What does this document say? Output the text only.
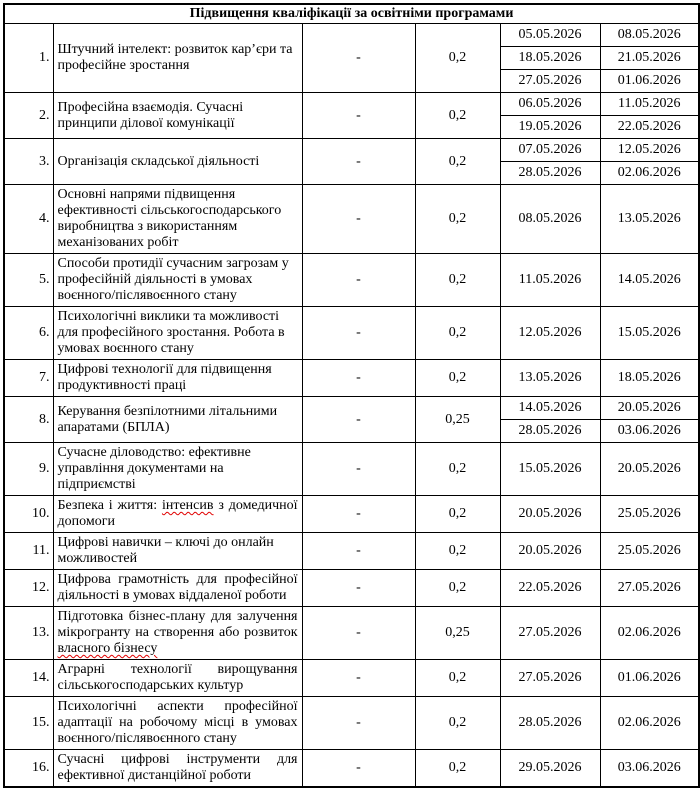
Підвищення кваліфікації за освітніми програмами					
1.	Штучний інтелект: розвиток кар’єри та професійне зростання	-	0,2	05.05.2026	08.05.2026
				18.05.2026	21.05.2026
				27.05.2026	01.06.2026
2.	Професійна взаємодія. Сучасні принципи ділової комунікації	-	0,2	06.05.2026	11.05.2026
				19.05.2026	22.05.2026
3.	Організація складської діяльності	-	0,2	07.05.2026	12.05.2026
				28.05.2026	02.06.2026
4.	Основні напрями підвищення ефективності сільськогосподарського виробництва з використанням механізованих робіт	-	0,2	08.05.2026	13.05.2026
5.	Способи протидії сучасним загрозам у професійній діяльності в умовах воєнного/післявоєнного стану	-	0,2	11.05.2026	14.05.2026
6.	Психологічні виклики та можливості для професійного зростання. Робота в умовах воєнного стану	-	0,2	12.05.2026	15.05.2026
7.	Цифрові технології для підвищення продуктивності праці	-	0,2	13.05.2026	18.05.2026
8.	Керування безпілотними літальними апаратами (БПЛА)	-	0,25	14.05.2026	20.05.2026
				28.05.2026	03.06.2026
9.	Сучасне діловодство: ефективне управління документами на підприємстві	-	0,2	15.05.2026	20.05.2026
10.	Безпека і життя: інтенсив з домедичної допомоги	-	0,2	20.05.2026	25.05.2026
11.	Цифрові навички – ключі до онлайн можливостей	-	0,2	20.05.2026	25.05.2026
12.	Цифрова грамотність для професійної діяльності в умовах віддаленої роботи	-	0,2	22.05.2026	27.05.2026
13.	Підготовка бізнес-плану для залучення мікрогранту на створення або розвиток власного бізнесу	-	0,25	27.05.2026	02.06.2026
14.	Аграрні технології вирощування сільськогосподарських культур	-	0,2	27.05.2026	01.06.2026
15.	Психологічні аспекти професійної адаптації на робочому місці в умовах воєнного/післявоєнного стану	-	0,2	28.05.2026	02.06.2026
16.	Сучасні цифрові інструменти для ефективної дистанційної роботи	-	0,2	29.05.2026	03.06.2026
